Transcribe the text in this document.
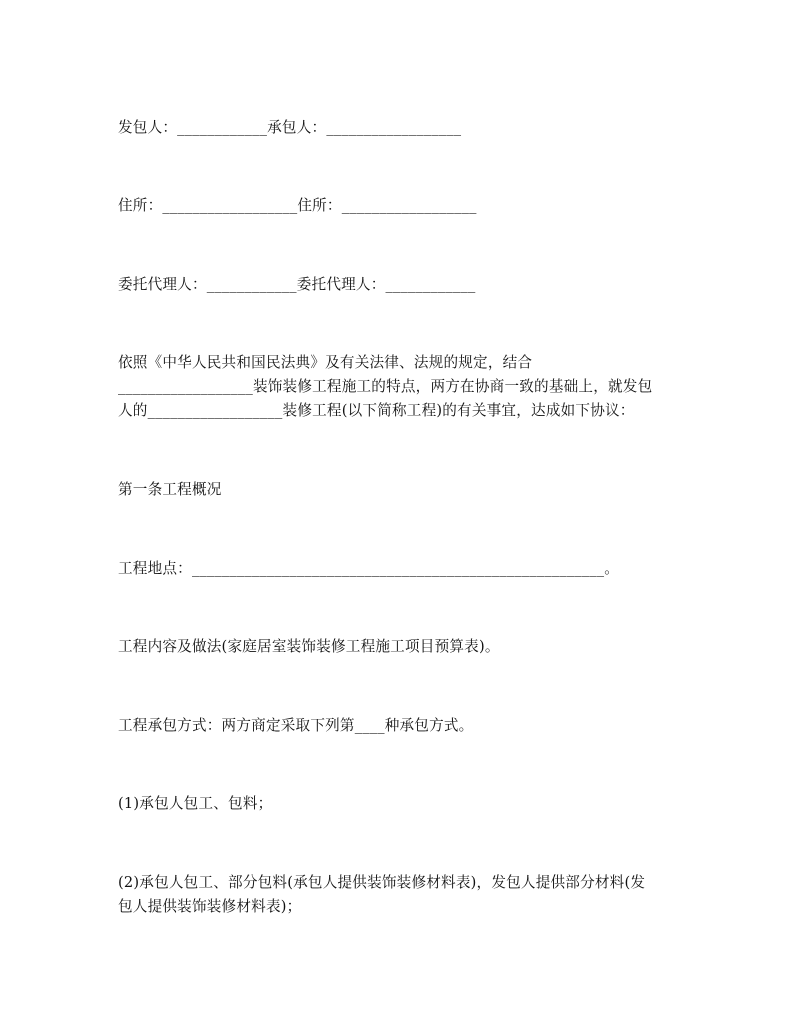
发包人：____________承包人：__________________
住所：__________________住所：__________________
委托代理人：____________委托代理人：____________
依照《中华人民共和国民法典》及有关法律、法规的规定，结合
__________________装饰装修工程施工的特点，两方在协商一致的基础上，就发包
人的__________________装修工程(以下简称工程)的有关事宜，达成如下协议：
第一条工程概况
工程地点：_______________________________________________________。
工程内容及做法(家庭居室装饰装修工程施工项目预算表)。
工程承包方式：两方商定采取下列第____种承包方式。
(1)承包人包工、包料；
(2)承包人包工、部分包料(承包人提供装饰装修材料表)，发包人提供部分材料(发
包人提供装饰装修材料表)；
